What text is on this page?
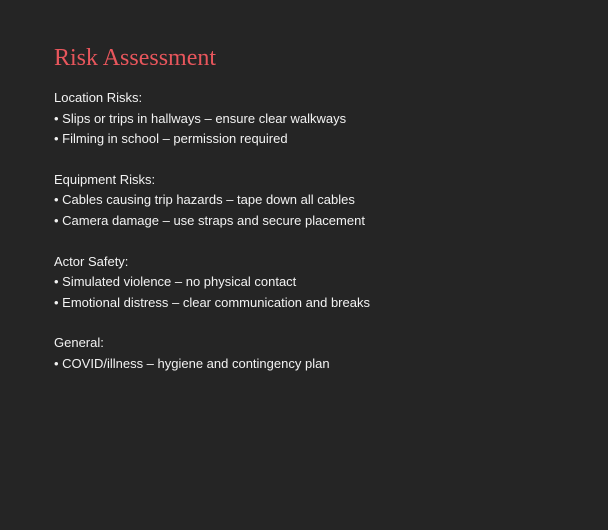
Risk Assessment
Location Risks:
• Slips or trips in hallways – ensure clear walkways
• Filming in school – permission required
Equipment Risks:
• Cables causing trip hazards – tape down all cables
• Camera damage – use straps and secure placement
Actor Safety:
• Simulated violence – no physical contact
• Emotional distress – clear communication and breaks
General:
• COVID/illness – hygiene and contingency plan
